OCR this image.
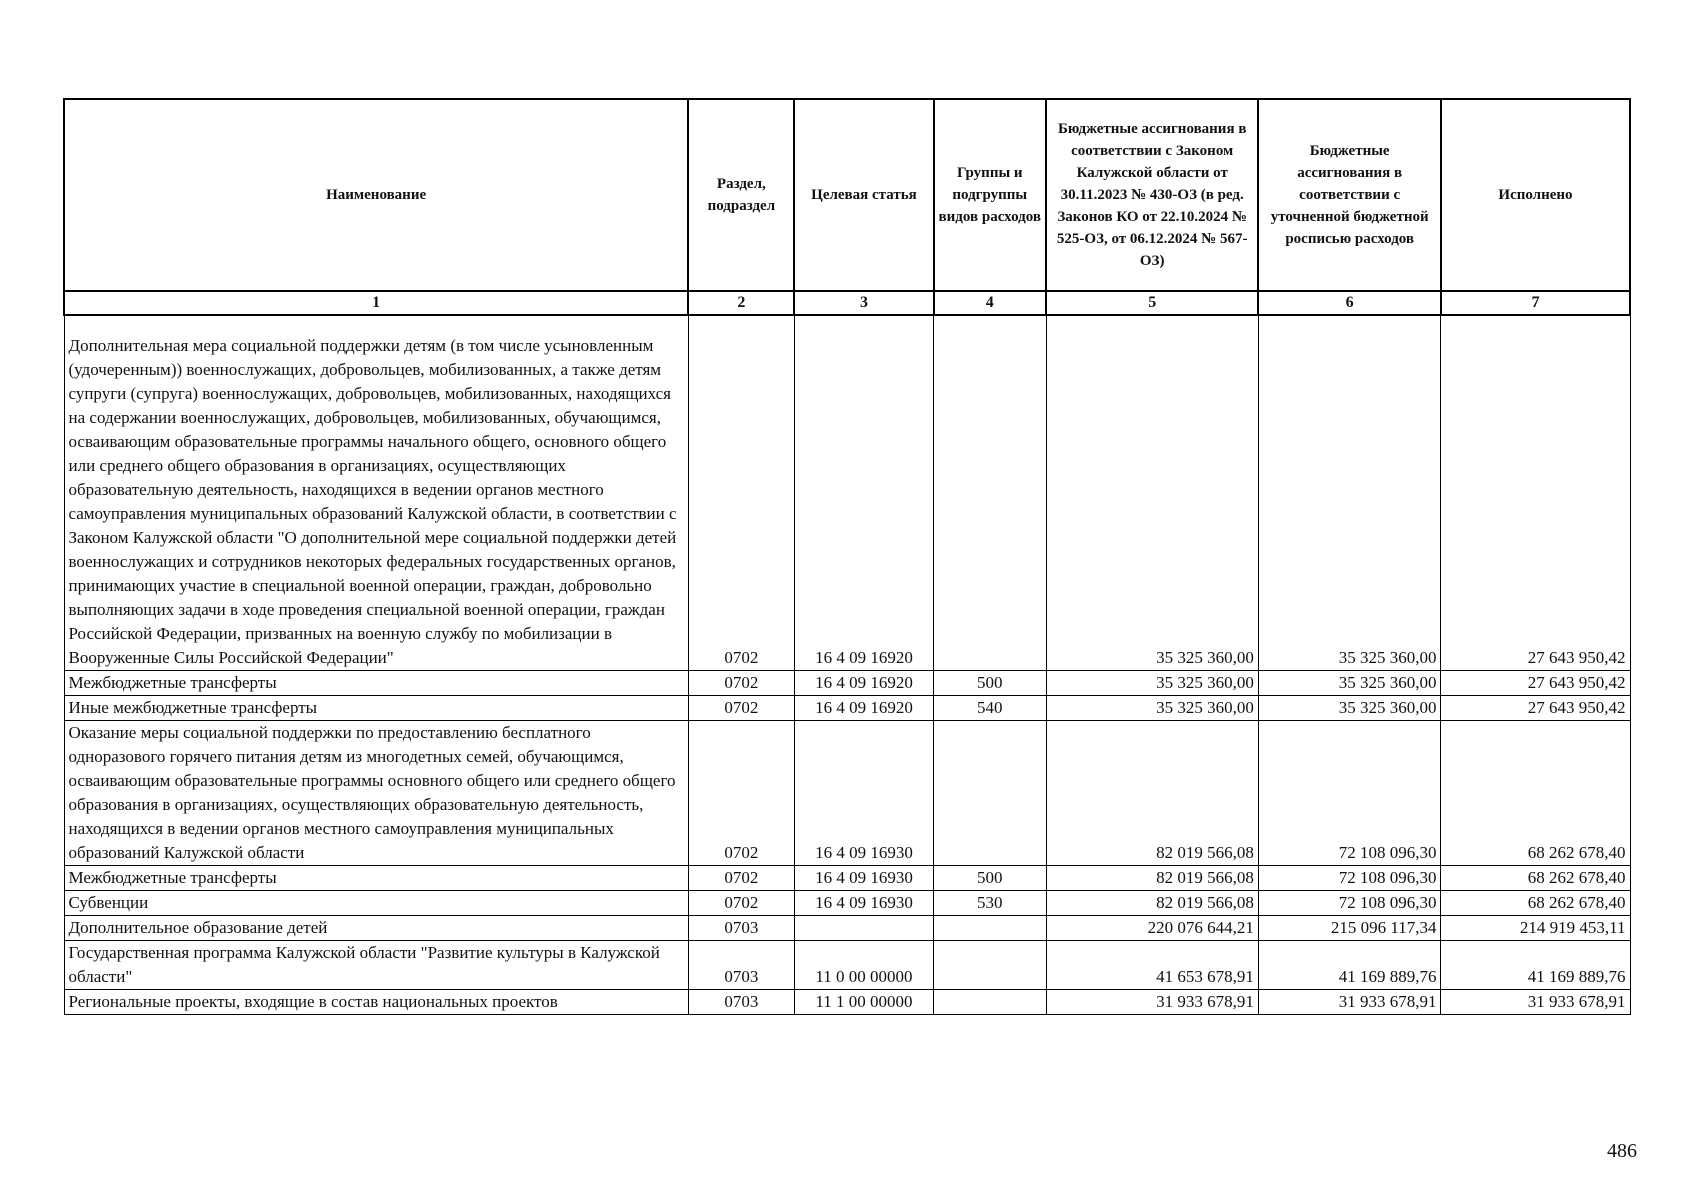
Наименование	Раздел, подраздел	Целевая статья	Группы и подгруппы видов расходов	Бюджетные ассигнования в соответствии с Законом Калужской области от 30.11.2023 № 430-ОЗ (в ред. Законов КО от 22.10.2024 № 525-ОЗ, от 06.12.2024 № 567-ОЗ)	Бюджетные ассигнования в соответствии с уточненной бюджетной росписью расходов	Исполнено
1	2	3	4	5	6	7

Дополнительная мера социальной поддержки детям (в том числе усыновленным (удочеренным)) военнослужащих, добровольцев, мобилизованных, а также детям супруги (супруга) военнослужащих, добровольцев, мобилизованных, находящихся на содержании военнослужащих, добровольцев, мобилизованных, обучающимся, осваивающим образовательные программы начального общего, основного общего или среднего общего образования в организациях, осуществляющих образовательную деятельность, находящихся в ведении органов местного самоуправления муниципальных образований Калужской области, в соответствии с Законом Калужской области "О дополнительной мере социальной поддержки детей военнослужащих и сотрудников некоторых федеральных государственных органов, принимающих участие в специальной военной операции, граждан, добровольно выполняющих задачи в ходе проведения специальной военной операции, граждан Российской Федерации, призванных на военную службу по мобилизации в Вооруженные Силы Российской Федерации"	0702	16 4 09 16920		35 325 360,00	35 325 360,00	27 643 950,42
Межбюджетные трансферты	0702	16 4 09 16920	500	35 325 360,00	35 325 360,00	27 643 950,42
Иные межбюджетные трансферты	0702	16 4 09 16920	540	35 325 360,00	35 325 360,00	27 643 950,42
Оказание меры социальной поддержки по предоставлению бесплатного одноразового горячего питания детям из многодетных семей, обучающимся, осваивающим образовательные программы основного общего или среднего общего образования в организациях, осуществляющих образовательную деятельность, находящихся в ведении органов местного самоуправления муниципальных образований Калужской области	0702	16 4 09 16930		82 019 566,08	72 108 096,30	68 262 678,40
Межбюджетные трансферты	0702	16 4 09 16930	500	82 019 566,08	72 108 096,30	68 262 678,40
Субвенции	0702	16 4 09 16930	530	82 019 566,08	72 108 096,30	68 262 678,40
Дополнительное образование детей	0703			220 076 644,21	215 096 117,34	214 919 453,11
Государственная программа Калужской области "Развитие культуры в Калужской области"	0703	11 0 00 00000		41 653 678,91	41 169 889,76	41 169 889,76
Региональные проекты, входящие в состав национальных проектов	0703	11 1 00 00000		31 933 678,91	31 933 678,91	31 933 678,91
486
